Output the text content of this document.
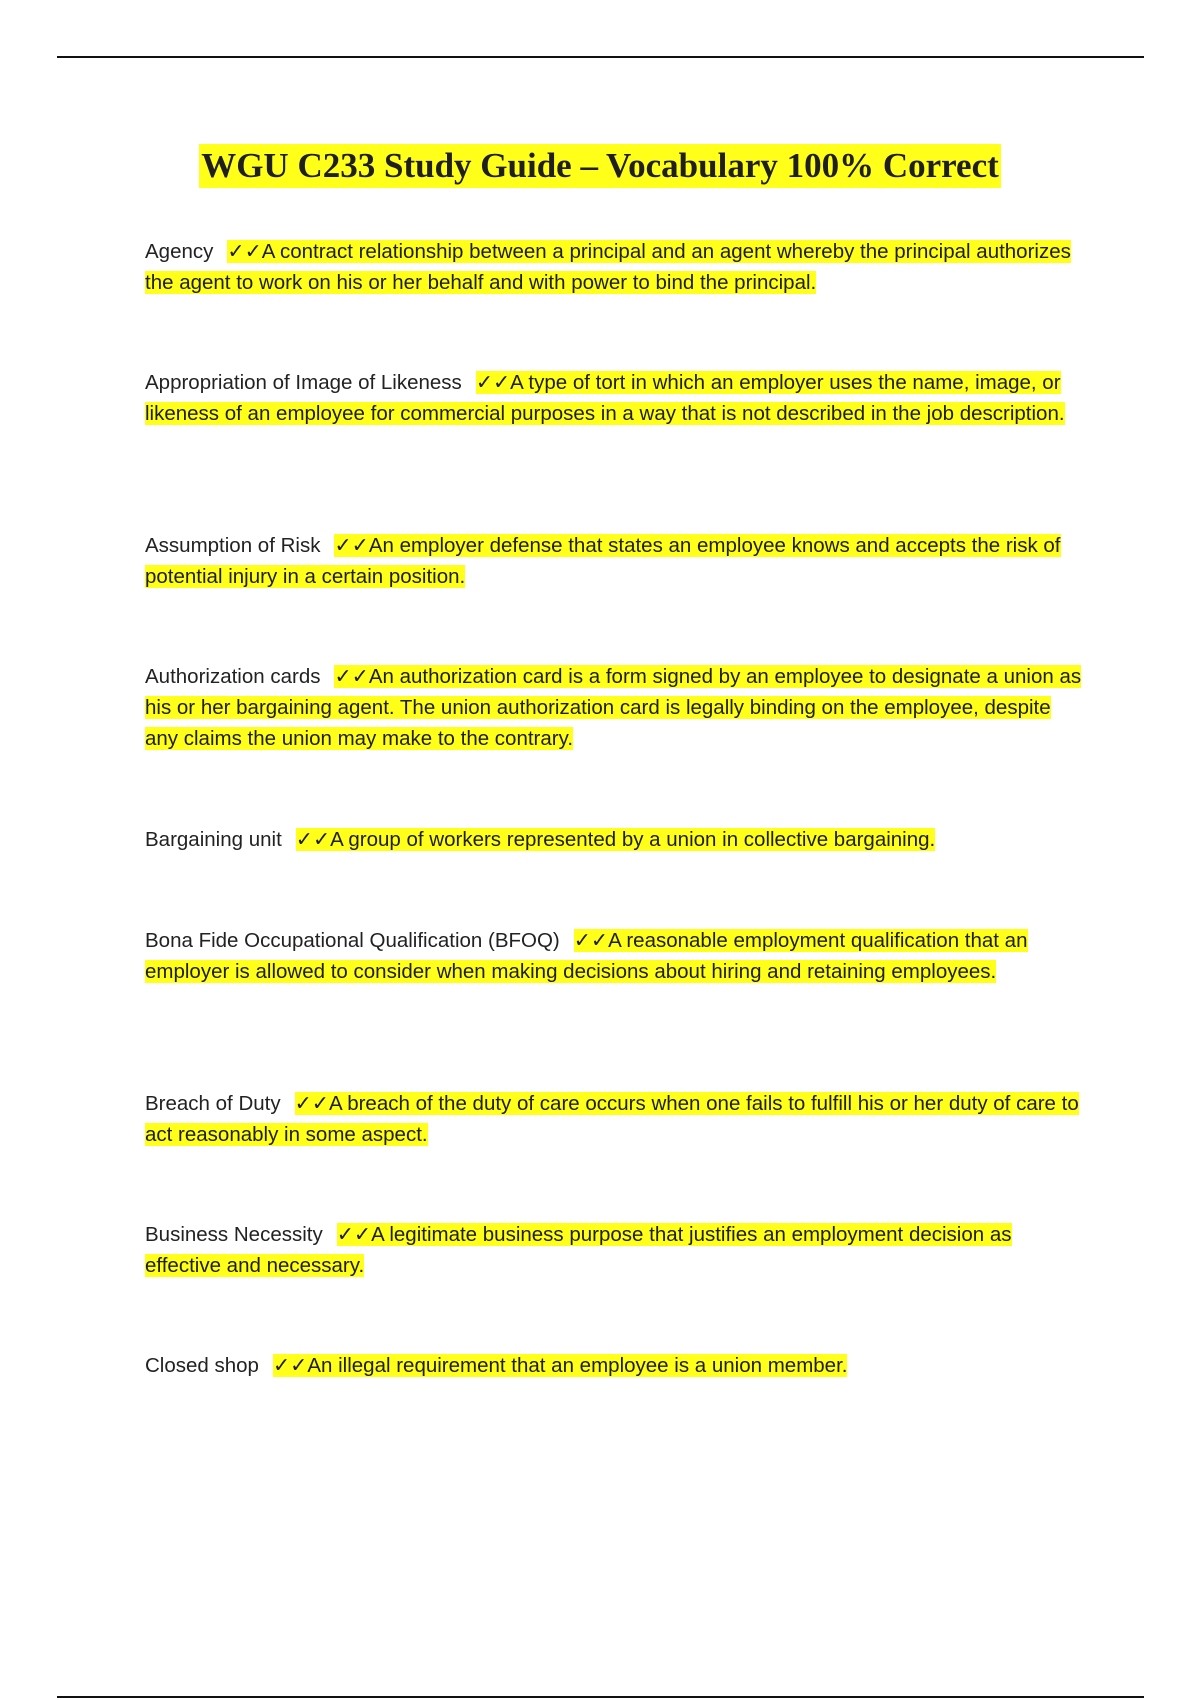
WGU C233 Study Guide – Vocabulary 100% Correct
Agency ✓✓A contract relationship between a principal and an agent whereby the principal authorizes the agent to work on his or her behalf and with power to bind the principal.
Appropriation of Image of Likeness ✓✓A type of tort in which an employer uses the name, image, or likeness of an employee for commercial purposes in a way that is not described in the job description.
Assumption of Risk ✓✓An employer defense that states an employee knows and accepts the risk of potential injury in a certain position.
Authorization cards ✓✓An authorization card is a form signed by an employee to designate a union as his or her bargaining agent. The union authorization card is legally binding on the employee, despite any claims the union may make to the contrary.
Bargaining unit ✓✓A group of workers represented by a union in collective bargaining.
Bona Fide Occupational Qualification (BFOQ) ✓✓A reasonable employment qualification that an employer is allowed to consider when making decisions about hiring and retaining employees.
Breach of Duty ✓✓A breach of the duty of care occurs when one fails to fulfill his or her duty of care to act reasonably in some aspect.
Business Necessity ✓✓A legitimate business purpose that justifies an employment decision as effective and necessary.
Closed shop ✓✓An illegal requirement that an employee is a union member.
